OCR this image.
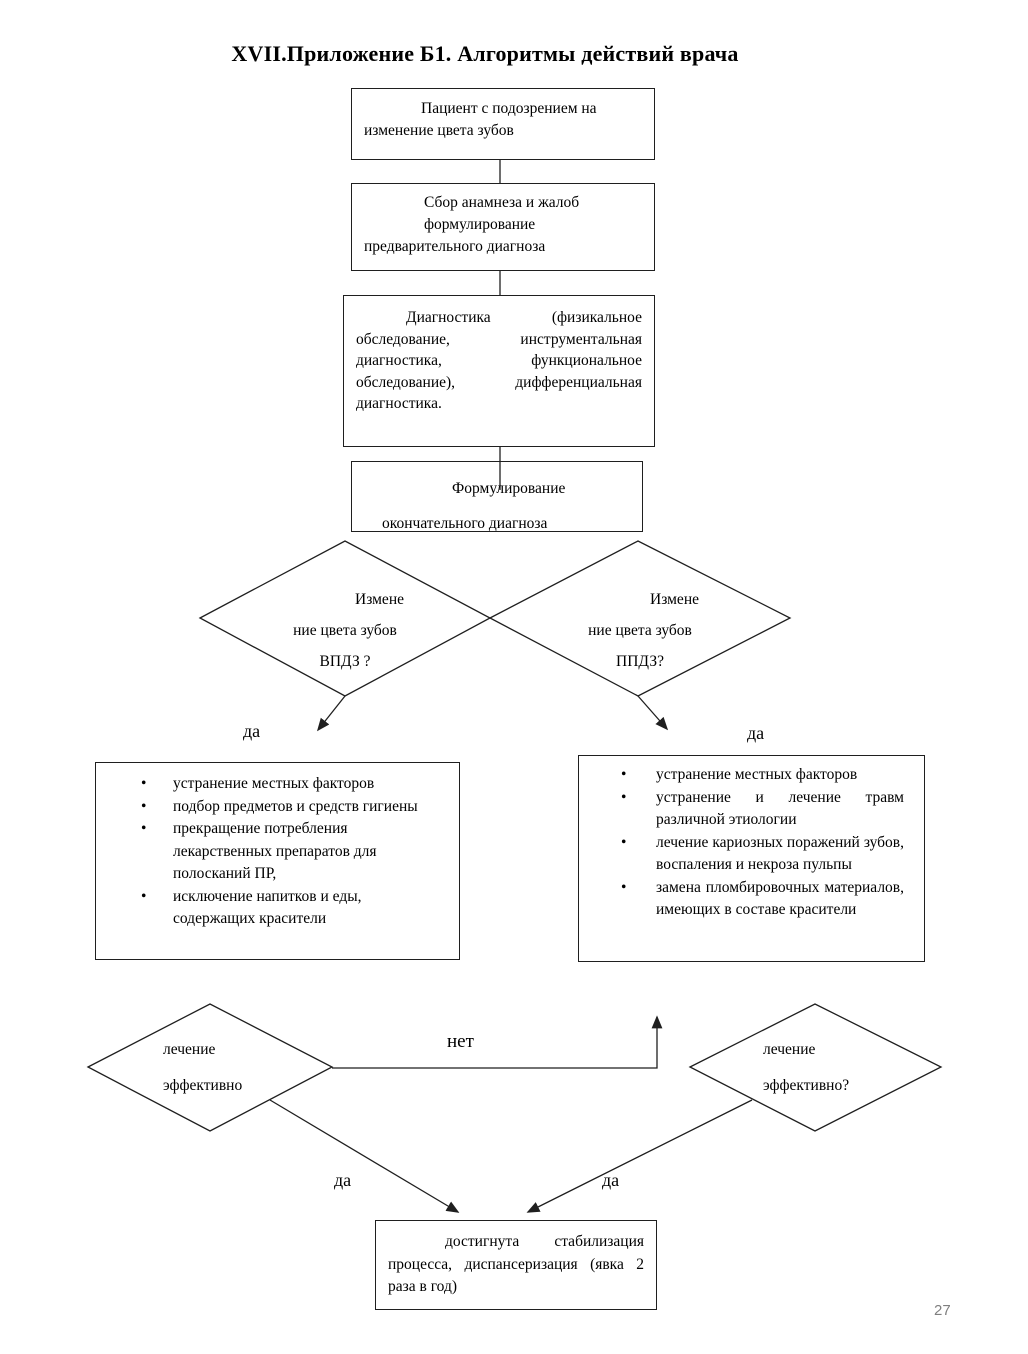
XVII.Приложение Б1. Алгоритмы действий врача

Пациент с подозрением на изменение цвета зубов

Сбор анамнеза и жалоб

формулирование предварительного диагноза

Диагностика (физикальное обследование, инструментальная диагностика, функциональное обследование), дифференциальная диагностика.

Формулирование окончательного диагноза

Измене
ние цвета зубов
ВПДЗ ?
Измене
ние цвета зубов
ППДЗ?
да	да
•	устранение местных факторов
•	подбор предметов и средств гигиены
•	прекращение потребления лекарственных препаратов для полосканий ПР,
•	исключение напитков и еды, содержащих красители
•	устранение местных факторов
•	устранение и лечение травм различной этиологии
•	лечение кариозных поражений зубов, воспаления и некроза пульпы
•	замена пломбировочных материалов, имеющих в составе красители
лечение
эффективно
лечение
эффективно?
нет
да	да

достигнута стабилизация процесса, диспансеризация (явка 2 раза в год)

27
